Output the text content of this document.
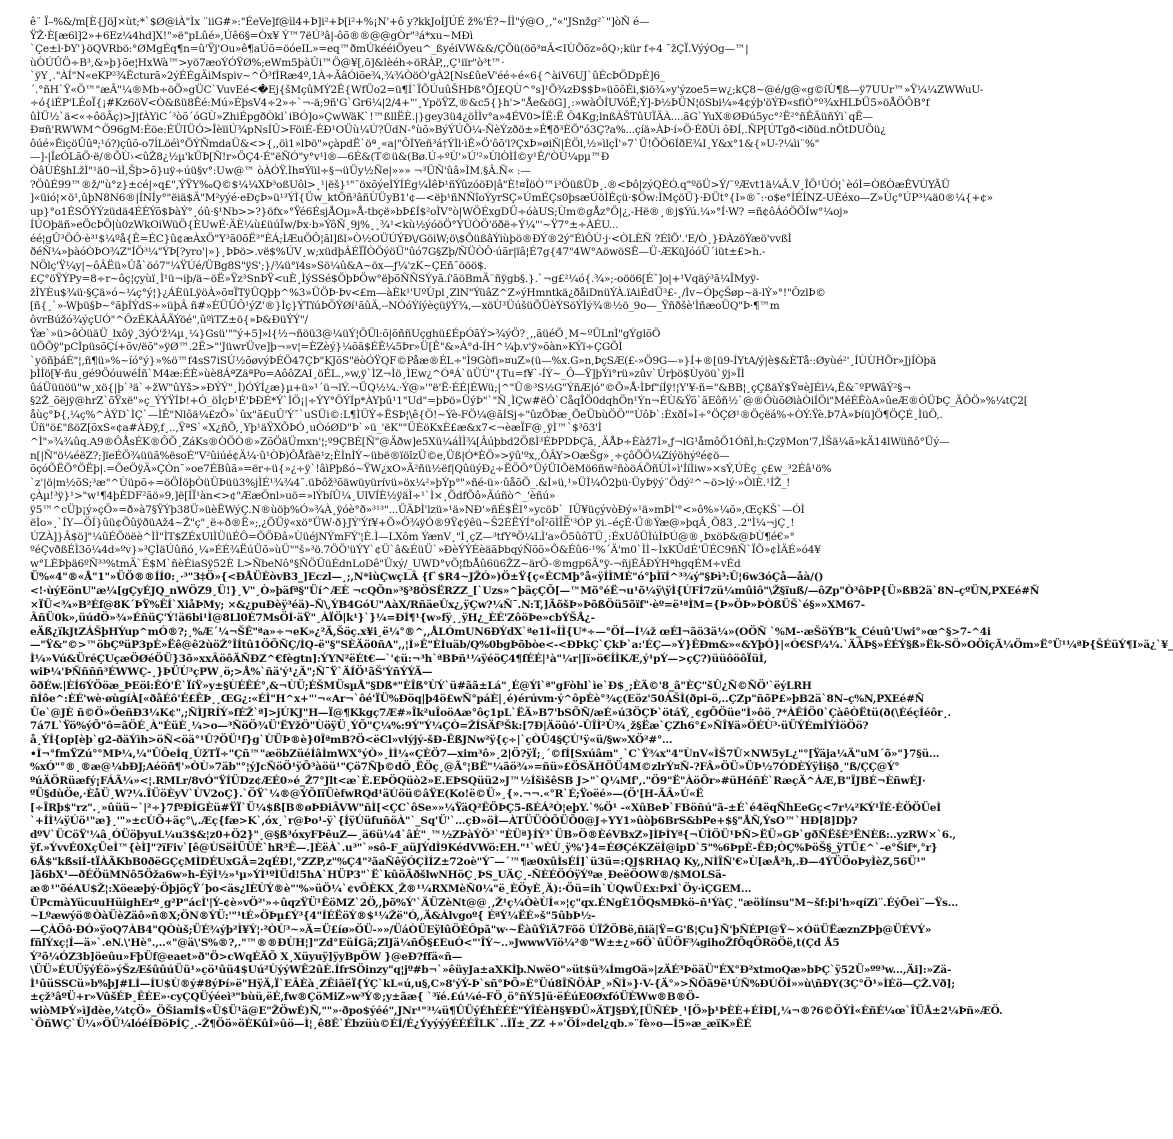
ê¨ Ï–%&/m[È{JöJ×ùt;*`$Ø@iÀ"Ìx ¨iiG#»:"ÉeVe]f@ìl4+Þ]i²+Þ[i²+%¡N'+ô y?kkJoÍJÚÉ ž%'É?~ÍÌ"ý@O¸,"«"JSnžg²`"]òÑ é—
ŸŽ·È[æ6l]2»+6Ez¼4hd]X!"»ë"pLûé»,Úê6§=Òx¥ Ý™7ëÚ³â|-ôõ®®@@gÒr"³á*xu~MÐì
`Çe±l·ÞY'}öQVRbö:°ØMgÉq¶n=û'Ÿj'Ou»ê¶aÚõ=öóeIL»=eq™ðmÚkééiÖyeu^_ßyéiVW&&/ÇÕü(öõ³¤Â<IÙÕõz»ôQ›;kür f÷4 ¯žÇÏ.VýýOg—™|
ùÒÚÛÖ÷B³,&»þ}õe¦HxWà™>yö7æoÝÓŸØ%;eWm5þàÛi™Ö@¥[,õ]&lèéh÷öRÀP,,,Ç¹iïr"ò³t™·
`ÿY¸."ÀÍ"N«eKP²¾Ëcturã»2ýÉÉgÄiMspiv~^Õ³fÌRæ4º,1À÷ÃâÓiõe¾,¾¾ÒöÒ'gÀ2[Ns£ûeV'éé÷é«6{^àiV6UJ`ûÉcÞÖDpÉ]6_
´.°ñH`Ÿ«Ö™"æÃ"¼®Mb÷öÕ»gÜC`VuvEé<�Ej{šMçûMÝ2Ê{WfÜo2=ü¶Í`ÏÕÚuûŠHÞß°ÕJ£QÙ^°s]¹Õ¾zÐ$$Þ»üõôÉi,$iö¾»y'ýzoe5=w¿;kÇ8~@é/g@«g©íÙ¶ß—ÿ7UUr™»Ÿ¼¼ZWWuU-
÷ó{iÉP'LÉoÏ{¡#Kz6öV<Ò&ßü8Êé:Mú»ÉþsV4÷2»÷`¬-ä;9ñ'G`Gr6¼|2/4+"'¸YpöŸZ,®&c5{}h'>"Åe&öG]¸:»wàÔÍUVóË;Ý]-Þ½ÞÜN¦öSbi¼»4¢ýþ'öÝÐ«sfiÒ°º¾xHLÞÜ5»öÅÖÔB°f
ûÌÜ½`ä<«÷ôöÃç)>J|fÀYiC´³òõ´óGÙ»ZhiÉpgðÒkl`iBÓ]o»ÇwWäK`!™ßllËÈ.|}gey3ü4¿öÌÌv°a»4ÉV0>ÍË:Ë Ô4Kg;lnßÀŠTûUÏÄÀ....ãG`YuX®ØÐú5yc°²Ë²°ñÊÄüñÝi`qË—
Ð¤ñ'RWWM^Ö96gM:Éöe:ÉÜIÜÓ>ÎèïiÚ¾pNsÍÛ>FöiÉ-ÉÐ¹OÜù¼Ú?ÜdN-°ùõ»BýÝÚÕ¼-ÑèÝzðö±»É¶ð³ÈÕ"ó3Ç?a%...çíä»ÀÞ·í»Ö·ÉðÙi ôÐÍ,.ÑP[ÚTgð<iðüd.nÖtDUÖü¿
ôúé»ÊiçöÛûª;¹ó?)çûõ-o7ĺLöéì°ÕÝÑmdaÜ&<>{,,öì1»lÞö"»çàpdË`öª¸«a|"ÔÍYeñ³á†ÝÌl·ìÊ»Ö'ôõ'l?ÇxÞ»øiÑ|ÈÖl,½»ìlçÌ'»7`Ü!ÕÖ6ÍðE¾I¸Y&x°1&{»U-?¼ìi¨%"
—]-|ÎȼÓLãÖ·ë/®ÕÙ›<ûŽ8¿½µ'kÜÞ[Ñ!r»ÖÇ4·É"ëÑÓ"y°v¹l®—6É&(T©ü&(Bø.Ú÷ºÙ'»Ú'²»ÙlÒÌÍ©y¹Ê/'ÒÚ¼pµ™Ð
ÒâÙÉ§hLžÌ"¹ä0¬ìÌ,Šþ>õ}uÿ÷úü§v°:Uw@™ òÀÓŸ.Ìh¤Ýül÷§¬üÜy½Ñe|»»» ¬³ÜÑ'ûâ»ÌM.§Â.Ñ« :—
?ÖûÉ99™®ž/"ù°z}±cé|»q£",ÝŸY‰Q©$¼¼XÞ³oßUôl>¸¹|ëš}¹"¯öxõýeÌÝÍÉg¼ÌêÞ¹ñÝûzóöÐ|â"È!¤ÎöÒ™i³ÖüßÜÞ¸.®<Þô|zýQÈÓ.q"ºöÜ>Ý/¨ºÆvt1ä¼Â.V¸ÎÖ¹ÙÓ¦`èóÌ=ÒßÒæÊVÙYÃÜ
]«üió¦×ö¹,ûþN8N6®|ÍNÍy°"ëiä$Ä"M²yýé·eÐçÞ»ü¹³ÝÌ{Üw_ktÕñ³âñÙÜyB1'¢—<ëþ¹ñNÑîoÝyrSÇ»ÚmÉÇs0þsæÚöÌÉçü·$Öw:ÌMçöÜ}·ÐÜt°{I»®¯:·o$e°ÍÉÍNZ-UÈéxo—Z»Ùç°ÚP³¼ä0®¼{+¢»
up}°o1ÉSÖÝÝzüdä4ÉÈÝõ$ÞàÝ°¸óû·§¹Nb>>?}öfx»°Ÿé6ÉsjÅOµ»Å-tbçë»bÞ£Í$²oÌV°ò|WÖÉxgDÜ÷óàUS;Ùm©gÅz°Ö|¿,-Hë®¸®j$Ýú.¼»°Í·W? =ñ¢ôÁóÖÖÍw°¼oj»
ÍÚOþäñ»eÖcÞÖ|ù0zWkOiWüÖ{ÈUwÉ·ÄÈ¼ù£üúÎw/Þx·b»ÝôÑ¸9j%¸¸¾¹<kù½ýóöÖ°ÝÚÒÖ'öðë÷Ý¼"'~Ÿ7°±÷ÀÉU...
éé¦gÛ³ÖÔ·è³¹$¼ºå{Ê=ÉC}û¢æÀxÖ"Y³ã0õË³"ÈÁ;ÌÆuÖÔ¦ãl]ßl»Ò½OÜÚÝÐ\/GöiW;ö\$ÕüßâÝiùþö®ÐÝ®2ý"ÉìÔÙ·j·<ÒLÈÑ ?ÉîÕ'.'E/Ò¸}ÐÀzöÝæö'vvßÌ
ðéÑ¼»þàóÒÞO¾Z"ÍÖ³¼"ÝÞ[?yro'|»}¸ÞÞö>.vë$%ÚV¸w;xüdþÂÉÏÏÒÖýöÜ"ûó7G§Zþ/ÑÜÒÔ·úãr|ïâ¦É7g{47"4W°AöwöSÊ—Ü·ÆKüJóóÜ´iüt±£>h.-
NÖlç'Ÿ¼y|~ôÂËü»Ûå`öó7"¼ŸÚé/ÜBg8S"ÿS';}/¾ü°ï4s»Sö¼û&A~öx—ƒ¼'zK~ÇEñ¯ööö$.
£Ç°öŸÝPy=8÷r~ôç¦çyùï¸Ì¹ü¬iþ/ä~öË»Ÿz³SnÞŸ<uÈ¸ÌýSSé$ÖþÞÖw°ëþõÑÑSÝyã.í'ãöBmÄ¨ñÿgb§.}.`¬g£²¼ó{.¾»;-oöö6[É¯]o|+¹Vqäý³ã¼ÎMyÿ-
žÌYÈu$¾ü·§Çä»ó~¼ç°ý¦}¿ÁÈüLÿöÀ»õ¤ÏTÿÜQþþ^%3»ÜÖÞ·Þv<£m—àÈk¹'UºÙpl¸ZlN"ÝüâZ^Z»ýHmntkä¿ðåiDnüÝÀ.ïAiÉdÜ³£-¸/Ìv~ÓþçŠøp~ä-lÝ»°!"ÔzlÞ©
[ñ{¸`»-Wþü§Þ~°ãþÍÝdS÷»üþÂ ñ#»ÈÜÛÔ¹ýZ'®}Ìç}ÝTïúÞÖÝØí¹ãûÄ,--NÓóÝíýèçüÿÝ¾,—xöÙ³ÜúšüÕÜèÝSöÝÍý¾®½ö_9o—_Ÿñðšè'ÌñæoÜQ"Þ·¶™m
ôvrBúžó¾ýçUÓ"^ÔzÉKÀÂÃÝöé",ûºìTZ±ö{»Þ&ÐüÝÝ"/
Ÿæ`»ü>ôÒüäÜ_lxôÿ¸3ýÓ'ž¼µ¸¼}Gsü'""ý+5]»l{½¬ñöü3@¼üÝ¦ÖÜl:õ|õññUçghü£ÉpÓãÝ>¾ýÖ?¸,,ãüéÕ¸M~ºÜLnÌ"gÝglõÖ
üÕÕÿ"pCÌpüsõÇí+õv/ëõ"»ÿØ™.2Ë>"'JüwrÜve]þ¬»v¦=ÈZèý}¼õã$ÉÊ¼5Þr»Ü[Ê"&»À°d-ÍH^¼þ.v'ÿ»õàn»KÝï÷ÇGÕÌ
`yöñþáÉ"¦,ñ¶ü»%~íó°ý}»%ö™f4sS7iSÚ½õøvýÞÉÖ47ÇÞ"KJõS"ëòÓŸQF©Påæ®ÉL÷"Ì9Gòfi»¤uZ»(ü—%x.G»n,ÞçSÆ(£-»Ö9G—»}Í+®[ü9-ÍYtA/ý|è$&ÈTå·:Øyùé²'¸ÍÙÙHÕr»JjÍÒþä
þÌÌö[¥·ñu¸gé9ÖóuwéÍñ`M4æ:ÉÈ»ùè8ÁªZäªPo=AôôZAI¸öÉL.,»w,ÿ`ÌZ¬Ìö¸ÌEw¿^ÓªÁ`üÜÙ"{Tu=f¥`-ÍÝ~_Ô—Ÿ]þÝi°rü»zûv`Ùrþö$Ùyöü`ÿj»ÏÌ
ûáÜüüöü"w¸xö{|þ`³ä`÷žW"ûYš>»ÐÝÝ"¸Ì)ÓÝÍ¿æ}µ+ü»¹´ü¬lÝ.¬ÜQ½¼.·Ý@»'"ë'Ë·ÉÉ|ÉWü;|^"Ü®³S½G"ÝñÆ|ó"©Õ»Å·ÌÞf"íÍÿ!¦Y'¥-ñ="&BB¦¸çÇßäÝ$Ÿ¤èJÉì¼,Ë&¯ºPWâÝ²§¬
§2Ž_õëjÿ@hrZ`õŸxë"»ç_ÝÝŸÍÞ!+Ó_öÌçÞ¹É'ÞÐÉ*Ý`ÌÖ¡|÷ÝY°ÖÝÍp*ÀYþû¹1"Ud"=þÞö»ÜýÞ"`"Ñ¸ÌÇw#ëÔ`CåqÎÖ0dqhÖn¹Ýn¬ÉÙ&Ÿõ`ãEôñ½`@®ÔùõØiàÒiÍÖi"MéÉÊòA»ûeÆ®ÒÜÞÇ_ÃÔÖ»%¼tÇ2[
åùç°Þ{,¼ç%^ÀÝD`ÌÇ`—ÌÊ"Nlôä¼£zÕ»`ûx"ã£uÛ'Ý¯`uSÜi©:L¶ÌÜÝ÷ËSÞ¦\ê{Ö!~Ýè-FÖ¼@ãÍSj÷"ûzÕÞæ¸ÕeÜbùÖÖ""ÙôÞ`:ÈxðÍ»Ì÷°ÖÇØ¹®Öçëá%÷ÒÝ:Ÿè.Þ7À»Þíü]Ö¶ÖÇÉ¸ÌüÖ,.
Üñ"ö£"ßöZ[õxS«¢a#ÀÐÿ,f¸..,ŸªS`«X¿ñÕ,¸Yþ¹äŸXÕÞÓ¸uÒóØD"Þ`»ü_'ëK""ÜÈöKxÈ£æ&x7<¬èæÏF@¸ÿÌ™`$³õ3'Ì
^Ì"»¾¾ûq.A9®ÔÅsÉK®ÔÕ¸ZáKs®ÒÖÒ®»ZõÖäÜmxn'¦;º9ÇBÉ[Ñ"@Äðw]e5Xü¼áÌÌ¾[Âúþbd2ÖßÌ³ÉÞPDÞÇã,¸ÄÅÞ÷Èàž7Ì»,ƒ¬lG¹åmôÕ1ÓñÌ,h:ÇzÿMon'7,ÌŠä¼ã»kÄ14lWüñô°Üý—
n[|Ñ"ö¼éëZ?;]ïeÉÖ¾üüã%ësoÉ"V²ûiúé¢Ä¼·û¹ÒÞ)ÔÅfàë¹z;ÈÌnÌÝ~übë®ïöîzÜ©e,Üß|Ó*ÈÖ»>ÿû'ºx,,ÔÂY>OæŠg»¸÷çôÕÖ¼Zíýöhýºé¢ö—
õçóÕËÕ°ÖËþ|.=ÕeÖÿÄ»ÇÒn¯»oe7ÉBûã»=ër÷ü{»¿÷ÿ`!âìPþßó~ŸW¿xO»Ã²ñü½ëf|QûüýÐ¿÷ËÖÕ°ÜýÜIÕëMö6ñw²ñòöÁÕñÙÌ»ì'ÍíÌiw»×sÝ,ÚÈç_ç£w_³2Éâ¹ö%
`z'|ö|m½õS;³æ"^Ùüpõ÷=öÖÍöþÒüÜÞüü3%jÌÉ¹¾¾4¯.üÞôž³õäwüyürívü»öx¼²»þÝp°"»ñé-ü»·ûåõÕ_.&Ì»ü,¹»ÜÌ¼Õ2þü·ÜyÞÿý¨Ödý²^~ö>lý·»ÒlÈ.¹ÍŽ_!
çÀµ!³ÿ}¹>"w¹¶4þÈDF²ãö»9,]ë[ÍÏ¹àn<>¢"ÆæÖnl»uö=»lÝbíÛ¼¸UlVÍÈ½ÿäÌ÷¹`Ì×¸ÕdfÕô»Ãúñò^_'èñú»
ÿ5™^cÜþ¡ý»çÖ»=ð»à7§ŸÝþ38Ü»üèËWýÇ.N®ùöþ%Ó»¾À¸ÿóè°ð»³¹³"...ÜÄÞÌ'lzü»¹ä»NÐ'»ñÉ$ËI°»ycöÞ`_IÜ¥üçývòÐý»¹ä»mÞÌ'°<»ô%»¼õ»,ŒçKŠ`—ÓÌ
ëÌo»¸`ÍY—ÖÍ}ûü¢ÕûÿðüAž4~Ž"ç"¸ë÷ð®Ë»;,¿ÕÜÿ«xö°ÜW·ð}JÝ'Ýf¥+Õ»Ö¾ÿÓ®9Ÿ¢ÿêü~Ŝ2ÉËÝÍ°oÎ²õÌÎË'³ÓP ÿi.–éçÉ·Ü®Ýæ@»þqÂ¸Õ83¸.2"Ì¼¬jÇ¸!
ÚZÀ]}Â$ö]"¼ûÉÕöëè^ÌÌ"ÌT$ZÉxUlÌÜüÉÔ=ÕÖÐâ»ÙüéjNÝmFÝ'¦È.Ì—LXôm ÝænV¸"Ì¸çZ—³tfYªÖ¼LÌ'a»Ö5ûôTÜ¸:ÉxUôÜÌúÌÞÚ@®¸ÞxöÞ&@ÞÙ¶é€»°
ºéÇvðßÉÌ3õ¼4d»ºv}»³ÇÌäÚûñó¸¼»ÉÉ¾ËúÜõ»ùÜ""š»³ö.7ÖÖ'üÝY`¢Ü`â&ÉüÜ`»ÐèÝÝÉèäãÞbqýÑõõ»Õ&Éû6·¹%´Ä'm0`ÌÌ~ÌxKÛdÉ'ÜÉC9ñÑ`ÏÕ»¢ÌÄÉ»ó4¥
w°LÈÞþä6ºÑ³³%tmÄ`É$M`ñèÉiaSÿ52È L>ÑbeNô°§ÑÖÜüÉdnLoDê"Üxý/_UWD°vÕ¦fbÅû6ü6ŽZ~ärÖ-®mgp6Ã°ÿ-¬ñjÉÂÐÝHªhgqÉM÷vÉd
Ü%«4"®«Å"1"»ÜÖ®®ÍÍ0:¸·³"3‡Ö»{<ÐÅÜÉòvB3_]Eczl—¸;,N*iùÇwçLÂ {f`$R4~JŽÓ»)Ö±Ÿ{ç«ÉCMþ°å«ÿÍÌMÉ"ó°þÌïÍ^³¾ý"§Þì³:Û¦6w3óÇå—åà/()
<!·ùýEönU"æ¼[gÇyÉJQ_nWÖZ9¸Ü!}¸V"¸Ò»þäfª§"Üí^ÆÈ ¬cQÕn»³§³8ÖSËRZZ_[`Uzs»^þäçÇÕ[—™Mõ°éË¬u¹õ¼ÿ\ÿÌ{ÚFÍ7zü¼mûiô"\Ž§ïuß/—ôZp"Ò³ôÞP{Ü»ßB2ä`8N–çºÜN,PXEé#Ñ
×ÏÜ<¾»B²Éf@8K´ÞŸ%ÊÍ`XiåÞMy; ×&¿puÐèÿ³éä)–Ñ\,ÝB4GóU"AàX/RñäeÛx¿,ÿÇw?¼Ñ¯.N:T,]ÃõšÞ»ÞõßÖü5õïf"·èº=ë¹ªÌM={Þ»ÖÞ»ÞÒßÜŠ`é§»»XM67-
ÂñÜ0k»,üúdÖ»¾»ÉñüÇ'Ý!ä6bi¹Ì@8Ll0É7MsÖÍ·äŸ"¸ÀÏÖ|k¹}`}¼=ÐÍ¶¹{w»fÿ¸¸ÿH¿_ÈÉ'ZôöÞe»cbÝŠÅ¿-
eÄß¿ïkJtZÁŠþHÝup^mÓ®?;¸%Æ´¼¬ŠÊ"ªa»÷¬eK»¿²Ã,Šöç.x¥i¸ë¼°®^,,ÅLÓmUN6ÐÝdX`ªe1Ì«ÍÌ{U*÷—°ÖÍ—Í¼ž œÉl¬ãö3ä¼»(OÖÑ `%M-·æŠöÝB"k_Céuû'Uwi°»œ^§>7-^4i
—"Ÿ&"©>™öbÇºüP3pÈ»Ëê@ê2ùöŽ°ÎÍtû1ÖÕÑÇ/ÌQ-ë"§"SÈÄö0ñA",,¦Ì»Ê"ÈÌuäb/Q%0bgÞõbòe<-<ÐÞkÇ`ÇkÞ`a:'ÉÇ—»Ý}ÊÐm&»«&YþÓ}|«Ó€Sf¼¼.`ÄÀÞ§»ÉÉÝ§ß»Ëk-SÖ»OÖîçÃ¼Öm»Ë°Ü¹¼ªÞ{ŠÉüÝ¶I»ä¿`¥_
Ì¼»Vú&ÜréÇUçæÖØéÖÜ}3õ»xxÂöôÄÑÐZ^€fègtn]:ÝYN²ëÉt€—`'¢ü:¬³h`ªBÞñ¹¼ÿéöÇ4¶fÉÉ|¹à"¼r|]ï»ö€ÍÌKÆ,ý¹pÝ—>çÇ?)üüôöôÏüÌ,
wiÞ¼'ÞÑñññ³ÉWWÇ-¸}ÞÜÙ³çPW¸ö;>Å%`ñä'ý¹¿Ä";Ñ¯Ÿ`ÄÍÖ¹ãŠ'ÝñÝÝÃ—
õðÉw.|ÈÍ6ÝÖöæ_ÞEöi:ÊÓ'Ê`ÏíŸ»y±§ÙÉÊÉ°,&¬ÙÜ;ÉŠMÜsµÅ"§Dß*"ÈÎß°ÙÝ`ü#ãã±Lá"¸É@Ýi`ª"gFòhl`ìe`Ð$¸;ÈÄ©'8_ã"ÈÇ"šÛ¿Ñ©ÑÖ'`ëýLRH
ñÍôe^:ÈÉ'wè·øùgíÀ[«ðåÉô'É£ÊÞ¸¸ŒG¿:«ÉÌ"H^x+"'¬«Ar¬`ôé'ÏÜ%Ðöq|þ4ö£wÑ°páÈ|¸é)érúvm·ý^ôpÈè°¾ç(Eöz'50ÀŠÌ(ðpi-ö,..ÇZp"ñõP£»þB2ä`8N–ç%N,PXEé#Ñ
Ûe`@JÈ ñ©Ö»ÖeñÐ3¼K¢",;ÑÌJRÍÝ»fÉŽ`ª]>jÚKJ"H—Ï@¶Kkgç7Æ#»Îk²uÎoöAæ°ôç1pL`ËÄ»B7'bSÕÑ/æÉ»ú3ÖÇÞ`ötáŸ,¸¢gÕÖüe"Ì»ôö¸?*ÀÊÍÖ0`ÇàêÒËtü(ð(\ÈéçÍéôr¸.
7á7L`Ÿö%ýÕ"ô=ãÖÉ¸À"ÉüÈ¸¼>o—³ÑöÖ¾Ü'ËYžÖ"ÙöÿÜ¸ÝÕ"Ç¼%:9Ý"Ý¼ÇÒ=ŽÍSÄf³Šk:[7Ð|Äöûó'-ÛÎÌ²Û¾¸ž§Ëæ`ÇZh6°£»ÑÎ¥ä»ÖÉÙ³·üÜÝÉmÌÝÌöÖö?
å¸ÝÍ{op[èþ`g2-ðäÝìh>öÑ<öä°¹Û?ÖÜ¹f}g`ÙÜÞ®è}0ÎªmB?Ö<ëCl»vlýjý-šÐ-ÊßJNw²ÿ{ç÷|`çÒÛ4§ÇÙ¹ÿ«ü/§w»XÖ²#°...
•Ì¬°fmŸZú°°MÞ¼,¼"ÛÔeÍq¸ÚžTÏ÷"Çñ™"æöbZüéÍâÌmWX°ýÒ»¸ÌÌ¼«ÇÈÖ7—xim³ô»¸2|Ö?ÿÏ;¸´©fÍ[Sxúâm"¸`C`Ÿ¾x"4"ÙnV«ÌŠ7Û×NW5yL¿"°[Ÿäja¼Ä"uM´õ»"}7§ü...
%xÓ"°®¸®æ@¼bÐJ;Aéöñ¶'»ÒÙ»7äb"°¦ýJcÑöÖ¹ÿÕ³àöü¹"Çö7Ñþ©dÖ¸ËÖç¸@Ã°¦BË"¼ãö¾»=ñü»£ÖSÄHÖÜ4M©zlrÝ¤Ñ-?FÂ»ÖÜ»ÜÞ½7ÓDÈÝÿÌi§ð¸"ß/ÇÇ@Ý°
ºúÄÖRüæfý¡FÁÃ¼»<¦.RMLr/8vÓ"ŸÍÜDz¢ÆÉ0»é_Ž7°Jlt<æ`È.EÞÖQüò2»E.EÞSQüü2»J™½ÍšìšêSB J>"`Q¼Mf',."Ö9"Ë"ÀöÕr»#üHéñÉ`RæçÄ^ÀÆ,B"ÎJBÉ¬ÈñwÉJ·
ºÜ§dùÖe,·ÈåÜ¸W?¼.ÎÜöÈyV`ÙV2oÇ}.`ÖŸ`¼®@ÝÕIïÜèfwRQd¹äÚöü©âŸE(Ko!ë©Ü»¸{».¬¬.«°R`É;Ÿoëé»—(Ö'[H-ÃÂ»Ú«Ë
[÷ÎRþ$"rz".¸»ûüü~`|²÷}7fºÐÍGÈü#ŸÏ`Ü¼$ß[B®øÞÐiÂVW"ñÌ[<ÇC`ôSe»»¼ŸäQ²ÊÖÞÇ5-ßÉÁ²Ò¦eþY.`%Ö¹ -«XûBeÞ`FBöñú"ã-±É`é4ëqÑhEeGç<7r¼²KÝ¹ÏÉ·ÈÖÖÜeÌ
`+ÍÌ¼ÿÚö¹"æ}¸'"»±cÙÕ+äç°\,.Æç{fæ>K`,óx¸`r@Þo¹-ÿ`{ÍÿÚüfuñöÀ"`_Sq'Ü'`...çÐ»öÌ—ÀTÜÜÒÕÜÕ0@J÷YY1»ûòþ6BrS&bPe+$§"ÅÑ,ÝsO™`HÐ[8]Dþ?
dºV`ÜCöŸ'¼â¸ÓÜöþyuL¼u3$&¦z0+Ö2}"¸@§ß³óxyFÞêuZ—¸ä6ü¼4`âÉ"¸™½ZÞàÝÖ³`"ÈÜª}ÍÝ³`ÜB»Ö®ÈéVBxZ»]ÌÞÌYª{¬ÛÌÖÜ¹ÞÑ>ËÜ»GÞ`gðÑËšÈ³ËNÈß:..yzRW×`6.,
ÿf.»ÝvvÉ0XçÜeÌ™{èÌ]"?ïFiv`[ê@ÙSëÌÜÜÈ`hR³Ê—.]ÈëÀ`.u³"`»sô-F_aüJÝdÌ9KédVWö:EH."¹`wÉÙ¸ÿ%'}4=ÉØÇéKZëÌ@ipD`5"%6ÞpÈ-ÊÐ;ÒÇ%ÞöŠ§_ÿTÜ£^`–e°Šif*,°r}
6Å$"kßsiÍ-tÏÀÄKbB0ðëGÇçMÌDÉUxGÂ=2qÉÐ!,°ZZP,z"%Ç4"²ãaÑêÿÓÇÌÍZ±72oè"Ý¯—´™¶æ0xûÌsÉÍ]`ü3ü=:QJ$RHAQ Ky,,NÌÎÑ'€»Ù[æÅ²h,.Ð—4ÝÜÖoÞyÌèZ,56Ü¹"
]ã6bX¹—ðÉÖüMNô5Öža6w»h-ÉÿÌ½»¹µ»ÝÌ¹ºÌÜd!5hA`HÜP3"`Ë`kûöÃðšlwNHöÇ¸ÞS_UÄÇ¸-ÑÈÉÖÓÿÝºæ¸ÐeëÖOW®/$MOLSä-
æ®¹"õéAU$Ž¦:Xöeæþý·ÖþjöçŸ´þo<äs¿lÈÙÝ®è"'%»üÖ¼`¢vÕÈKX¸Ž®¹¼RXMèÑ0¼"ë¸ÈÖyÈ¸Ä):·Öü=ih`ÙQwÜ£x:ÞxÌ`Öy·ìÇGEM...
ÜPcmàYücuuHüighErº¸g²P"ácÌ'|Ý-¢è»vÖ²'»÷ûqzŸÜ¹ÊöMZ`2Ö,,þõ%Ý'`ÄÜZèNt@@¸,Ž¹ç¼ÒèÙÍ«»¦ç"qx.ÉNgÈ1ÖQsMÐkö–ñ¹ÝàÇ¸"æöÌínsu"M~šf:þi'h»qíZì¨.ÉýÕeì¨—Ÿs...
~Lºæwýö®ÒàÜèZäô»ñ®X;ÖN®ÝÜ:'"¹tÉ»ÖÞµ£Ý³{4"ÍÉËöÝ®$¹¼Žë"Ó,,Ä&Àlvgoº{ ÉªÝ¼ËÉ»š"5ûbÞ½-
—ÇÀÖô·ÐÓ»ÿoQ7ÀB4"QÒùš;ÜÉ¾ýþ²Ì¥Ý¦·²ÒÙ³~»Ä=Ü£íø»ÖÜ-»»/ÜáÒÜEÿlûÖÈÔpã"w·~ËàûŸiÄ7Fõö ÚÏŽÖBë,ñiä|Ÿ=G'ß¦Çu}Ñ'þÑÉPI@Ÿ~×ÓüÜËæznZÞþ@ÜÉVÝ»
fñlÝxç¦Í—ä»`.eN.\'Hè°.,..«"@ä\'S%®?,."™®®ÐÙH¦]"Zd°EüÍGä;ZlJä¼ñÕ§£EuÓ<"'ÎÝ~..»JwwwVïö¼²®"W±±¿»6Ö`ûÜÖF¾gihoŽfÕqÖRöÖë,t(Çd Å5
Ý²õ¼ÓZ3b]öeûu»FþÜf@eaet»ð"Ö>cWqÉÃÕ X¸Xüyuÿ]ÿyBpÖW }@eÐ?ffä«ñ—
\ÜÜ»ÉUÜÿýÉö»ýŠzÆšûûúÜü¹»çö¹ûü4$Uú²ÙýýWÊ2ûÈ.ÍfrSÖinzy"q¦jº#b¬`»êüyJa±aXKÌþ.NwëO"»üt$ü¾ÍmgOä»|zÄÉ³ÞöäÜ"ÉX°Ð²xtmoQæ»bÞÇ`ÿ52Ü»ºº³w...,Äi]:»Zä-
Ì¹ûüSSCü»b%þJ#LÍ—ÍU$Ù®ý#8ýÞí»ë"HÿÄ,Ï`EÂÈà¸ZÊiãëÏ{ÝÇ`kL«ú,u§,C»8'ýÝ-Þ`sñ°ÞÕ»È°Üú8ÎÑÖÀP¸»ÑÌ»}·V-{Ä°»>ÑÖã9ë¹ÚÑ%ÐÚÖÍ»»ù\ñÐY(3Ç°Ö¹»ÌÉö—ÇŽ.Vð];
±çž³âºÜ+r»VûšÉÞ¸ÊÉE»·cyÇQÜýéeì³"bùü,ëÉ,fw®ÇöMiZ»w³Ý®;y±ãæ{ `³ïé.£ú¼é-FÖ¸ö°ñÝ5]ü·ëÉúE0ØxfóÜÉWw®B®Ö-
wiòMÞÝ»ìJdèe,¼tçÖ»_ÖŠiamÍ$«Ü$Ü¹ä@E"ŽÖwÉ)Ñ,""»·ðpo$ýéé",JNr¹"³¼ü¶ÛÜýÉhÈÉÈ"ÝÎÉèH§¥ÐÜ»ÄTJ§ÐÝ,[ÜÑÉÞ¸¹[Ö»þ¹ÞÈÈ+ÉÌÐ[,¼¬®?6©ÖÝÌ«ÈñÉ¼œ`ÎÜÅ±2¼Þñ»ÆÖ.
`ÔñWÇ`Ü¼»ÖÜ¼lóéÍÐöÞÍÇ¸.-Ž¶Öö»öÉKûÌ»ûö—Ì¦¸ê8Ê`Ébzüù©ÉÍ/É¿ÝyýýýÉÉÉÎLK`..ÎÏ±¸ZZ +»'ÖÍ»del¿qb.»¨fè»o—Í5»æ_æïK»ÊÉ
